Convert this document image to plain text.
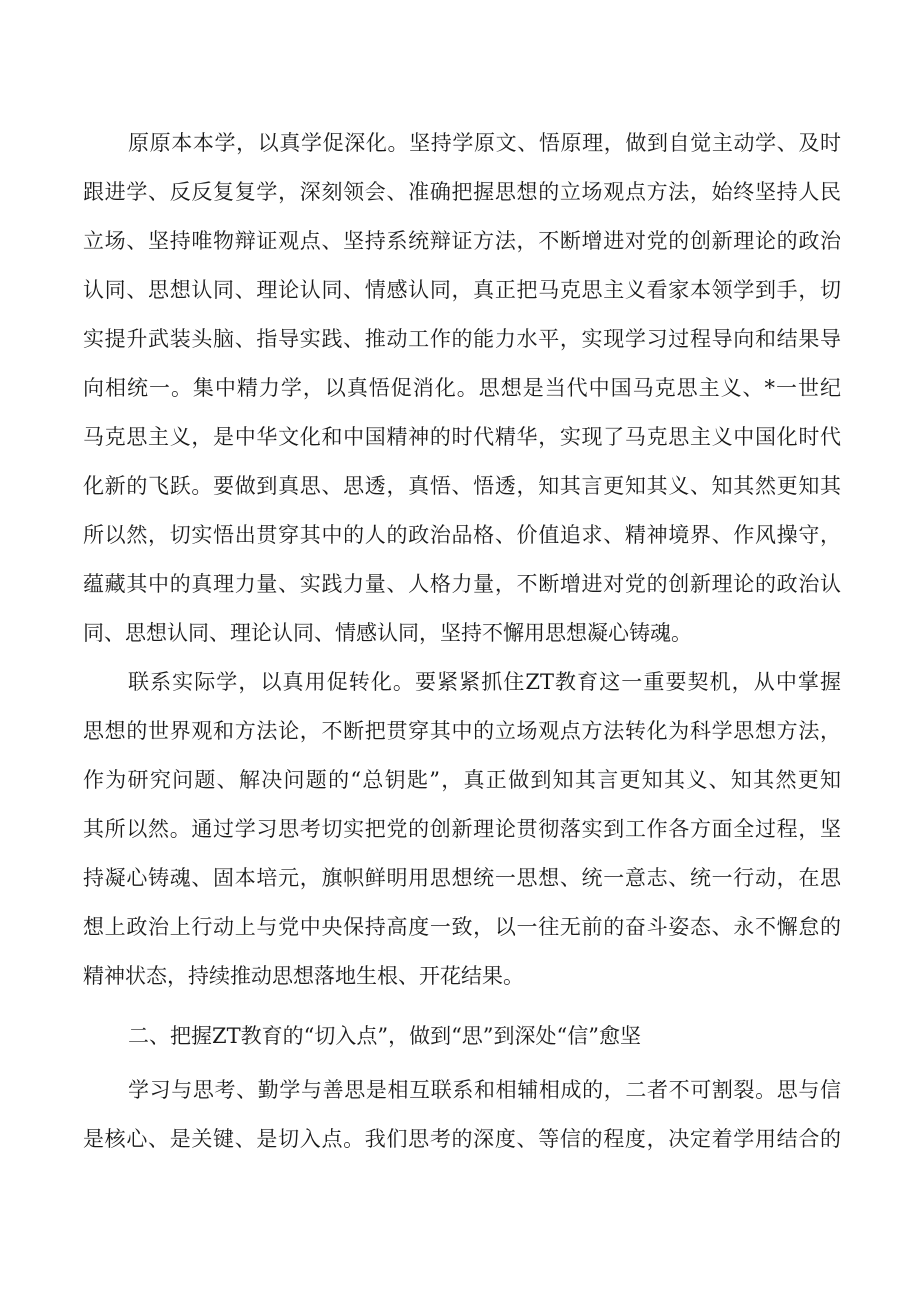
原原本本学，以真学促深化。坚持学原文、悟原理，做到自觉主动学、及时
跟进学、反反复复学，深刻领会、准确把握思想的立场观点方法，始终坚持人民
立场、坚持唯物辩证观点、坚持系统辩证方法，不断增进对党的创新理论的政治
认同、思想认同、理论认同、情感认同，真正把马克思主义看家本领学到手，切
实提升武装头脑、指导实践、推动工作的能力水平，实现学习过程导向和结果导
向相统一。集中精力学，以真悟促消化。思想是当代中国马克思主义、*一世纪
马克思主义，是中华文化和中国精神的时代精华，实现了马克思主义中国化时代
化新的飞跃。要做到真思、思透，真悟、悟透，知其言更知其义、知其然更知其
所以然，切实悟出贯穿其中的人的政治品格、价值追求、精神境界、作风操守，
蕴藏其中的真理力量、实践力量、人格力量，不断增进对党的创新理论的政治认
同、思想认同、理论认同、情感认同，坚持不懈用思想凝心铸魂。
联系实际学，以真用促转化。要紧紧抓住ZT教育这一重要契机，从中掌握
思想的世界观和方法论，不断把贯穿其中的立场观点方法转化为科学思想方法，
作为研究问题、解决问题的“总钥匙”，真正做到知其言更知其义、知其然更知
其所以然。通过学习思考切实把党的创新理论贯彻落实到工作各方面全过程，坚
持凝心铸魂、固本培元，旗帜鲜明用思想统一思想、统一意志、统一行动，在思
想上政治上行动上与党中央保持高度一致，以一往无前的奋斗姿态、永不懈怠的
精神状态，持续推动思想落地生根、开花结果。
二、把握ZT教育的“切入点”，做到“思”到深处“信”愈坚
学习与思考、勤学与善思是相互联系和相辅相成的，二者不可割裂。思与信
是核心、是关键、是切入点。我们思考的深度、等信的程度，决定着学用结合的
